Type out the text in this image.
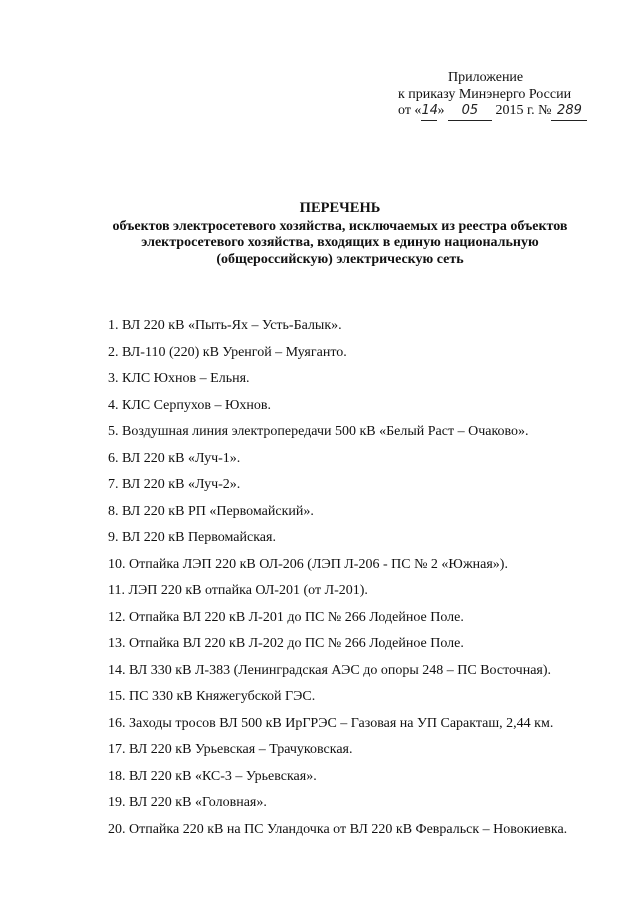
Приложение
к приказу Минэнерго России
от «14» 05 2015 г. № 289
ПЕРЕЧЕНЬ
объектов электросетевого хозяйства, исключаемых из реестра объектов
электросетевого хозяйства, входящих в единую национальную
(общероссийскую) электрическую сеть
1. ВЛ 220 кВ «Пыть-Ях – Усть-Балык».
2. ВЛ-110 (220) кВ Уренгой – Муяганто.
3. КЛС Юхнов – Ельня.
4. КЛС Серпухов – Юхнов.
5. Воздушная линия электропередачи 500 кВ «Белый Раст – Очаково».
6. ВЛ 220 кВ «Луч-1».
7. ВЛ 220 кВ «Луч-2».
8. ВЛ 220 кВ РП «Первомайский».
9. ВЛ 220 кВ Первомайская.
10. Отпайка ЛЭП 220 кВ ОЛ-206 (ЛЭП Л-206 - ПС № 2 «Южная»).
11. ЛЭП 220 кВ отпайка ОЛ-201 (от Л-201).
12. Отпайка ВЛ 220 кВ Л-201 до ПС № 266 Лодейное Поле.
13. Отпайка ВЛ 220 кВ Л-202 до ПС № 266 Лодейное Поле.
14. ВЛ 330 кВ Л-383 (Ленинградская АЭС до опоры 248 – ПС Восточная).
15. ПС 330 кВ Княжегубской ГЭС.
16. Заходы тросов ВЛ 500 кВ ИрГРЭС – Газовая на УП Саракташ, 2,44 км.
17. ВЛ 220 кВ Урьевская – Трачуковская.
18. ВЛ 220 кВ «КС-3 – Урьевская».
19. ВЛ 220 кВ «Головная».
20. Отпайка 220 кВ на ПС Уландочка от ВЛ 220 кВ Февральск – Новокиевка.
